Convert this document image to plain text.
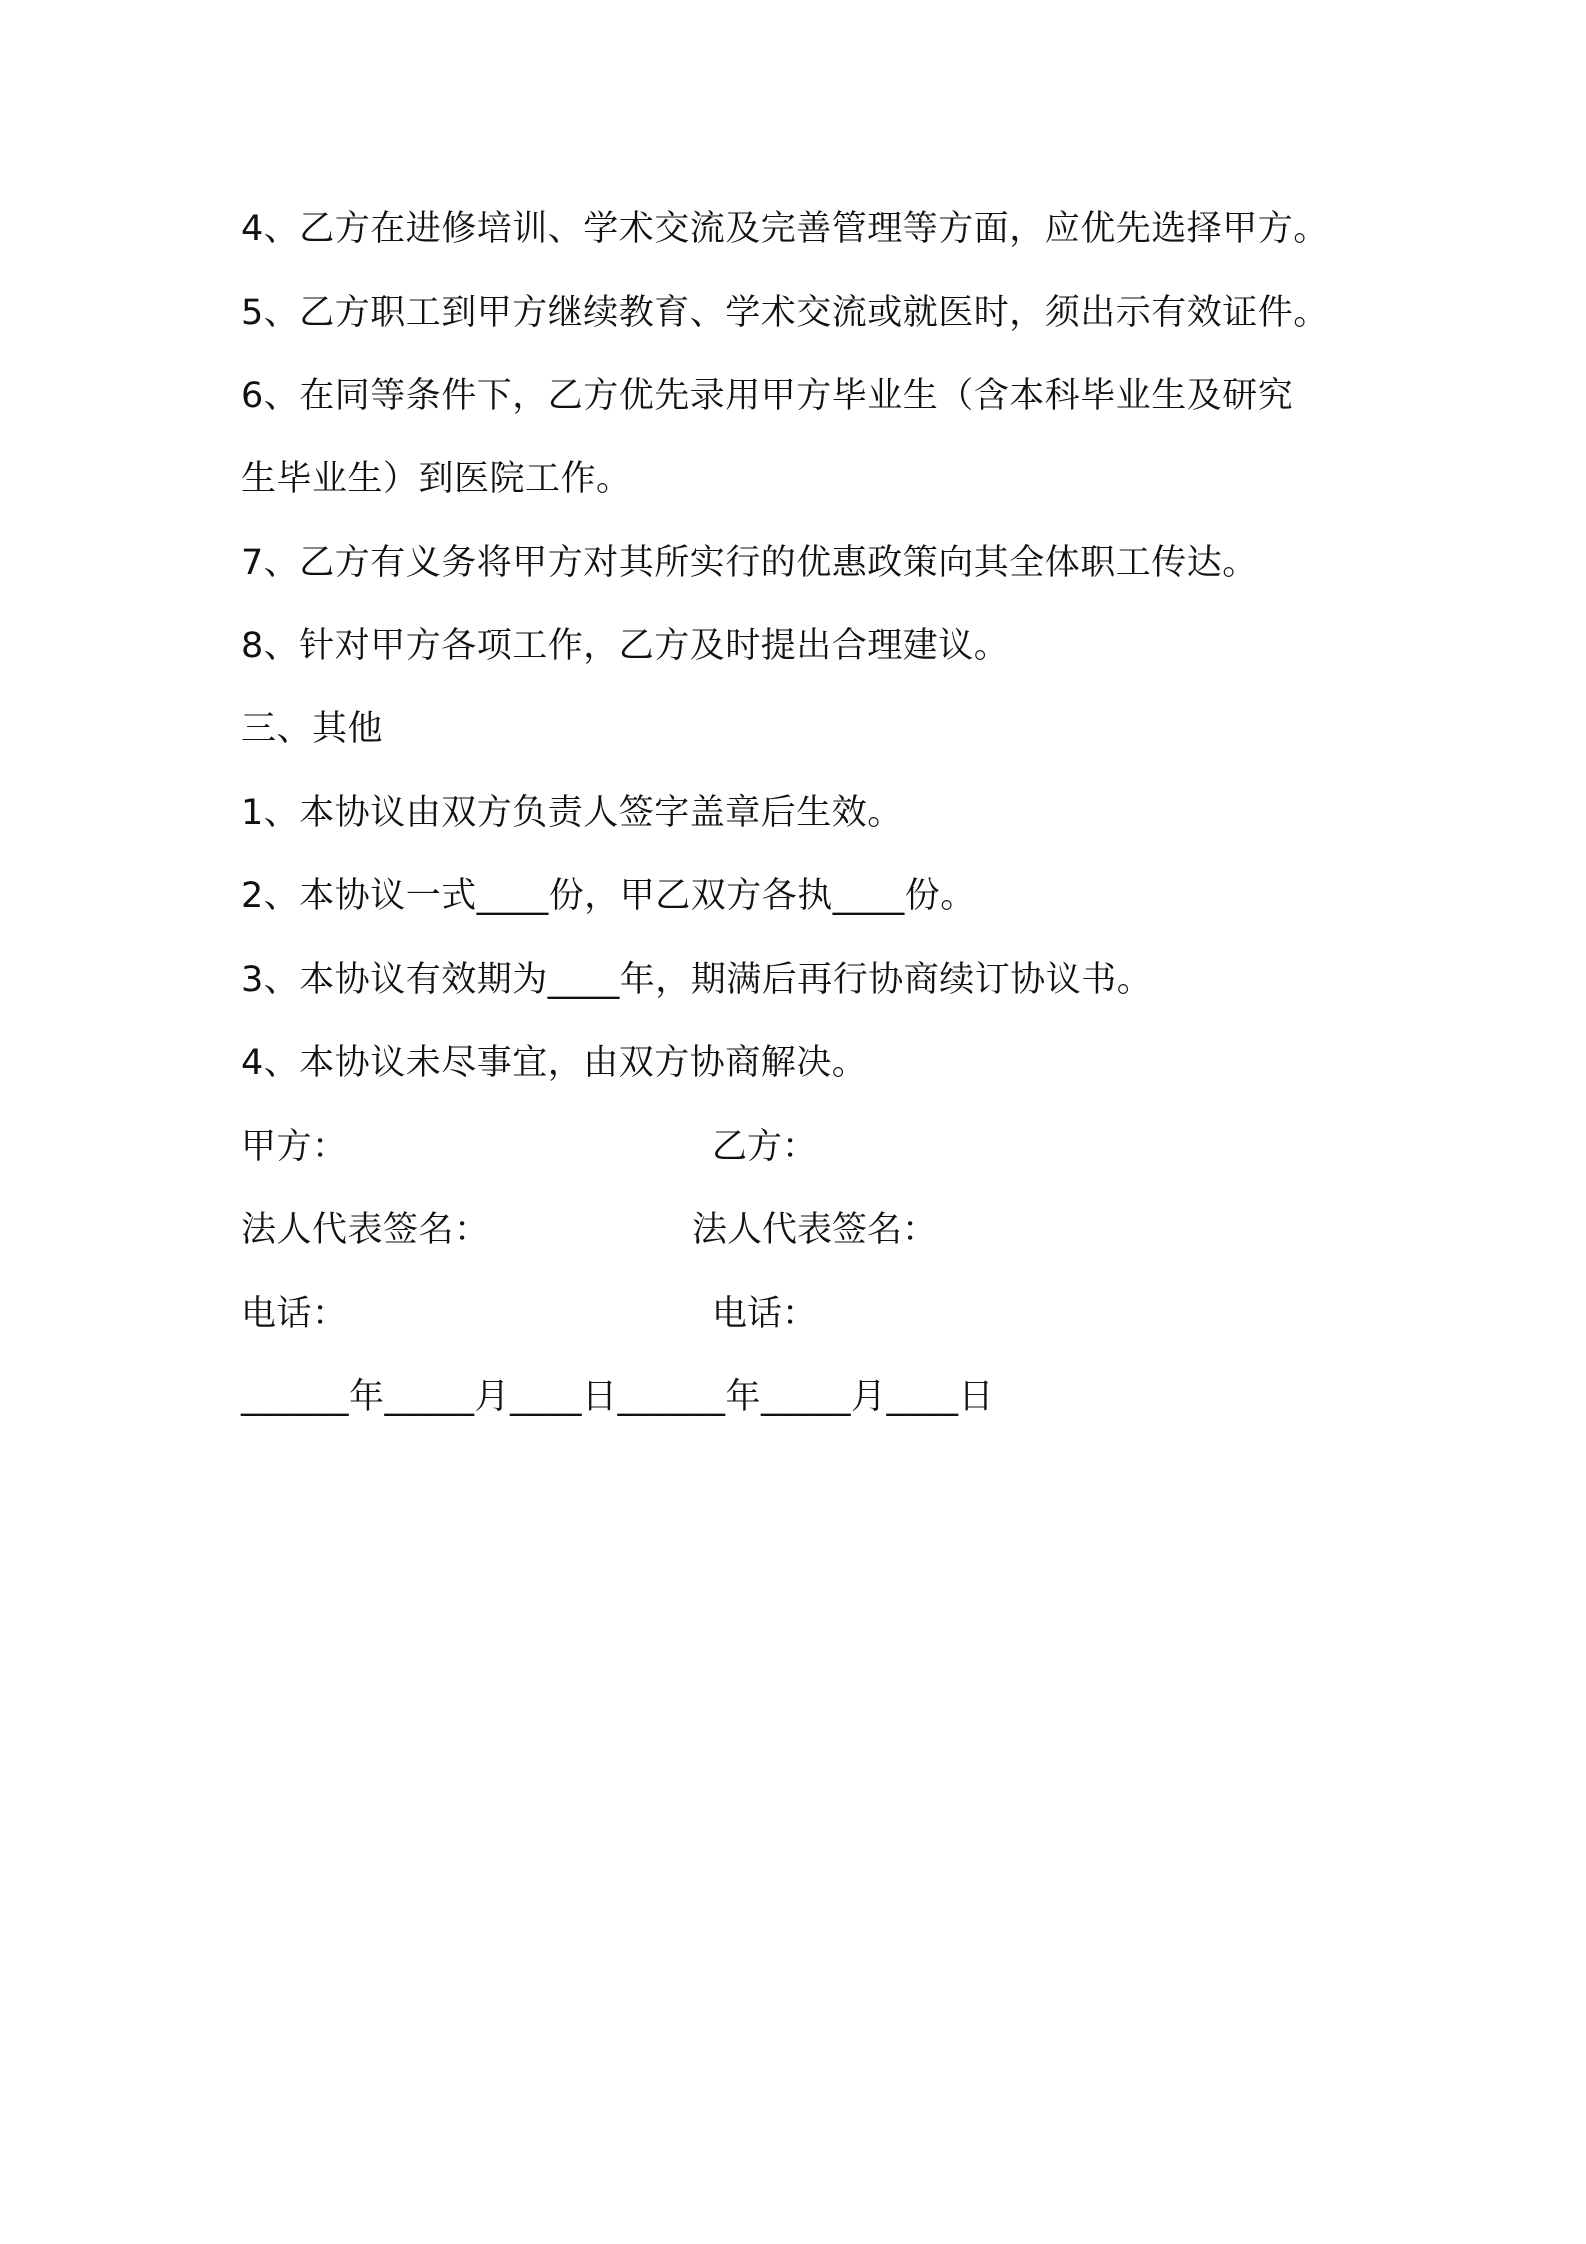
4、乙方在进修培训、学术交流及完善管理等方面，应优先选择甲方。
5、乙方职工到甲方继续教育、学术交流或就医时，须出示有效证件。
6、在同等条件下，乙方优先录用甲方毕业生（含本科毕业生及研究
生毕业生）到医院工作。
7、乙方有义务将甲方对其所实行的优惠政策向其全体职工传达。
8、针对甲方各项工作，乙方及时提出合理建议。
三、其他
1、本协议由双方负责人签字盖章后生效。
2、本协议一式____份，甲乙双方各执____份。
3、本协议有效期为____年，期满后再行协商续订协议书。
4、本协议未尽事宜，由双方协商解决。
甲方：	乙方：
法人代表签名：	法人代表签名：
电话：	电话：
______年_____月____日______年_____月____日
